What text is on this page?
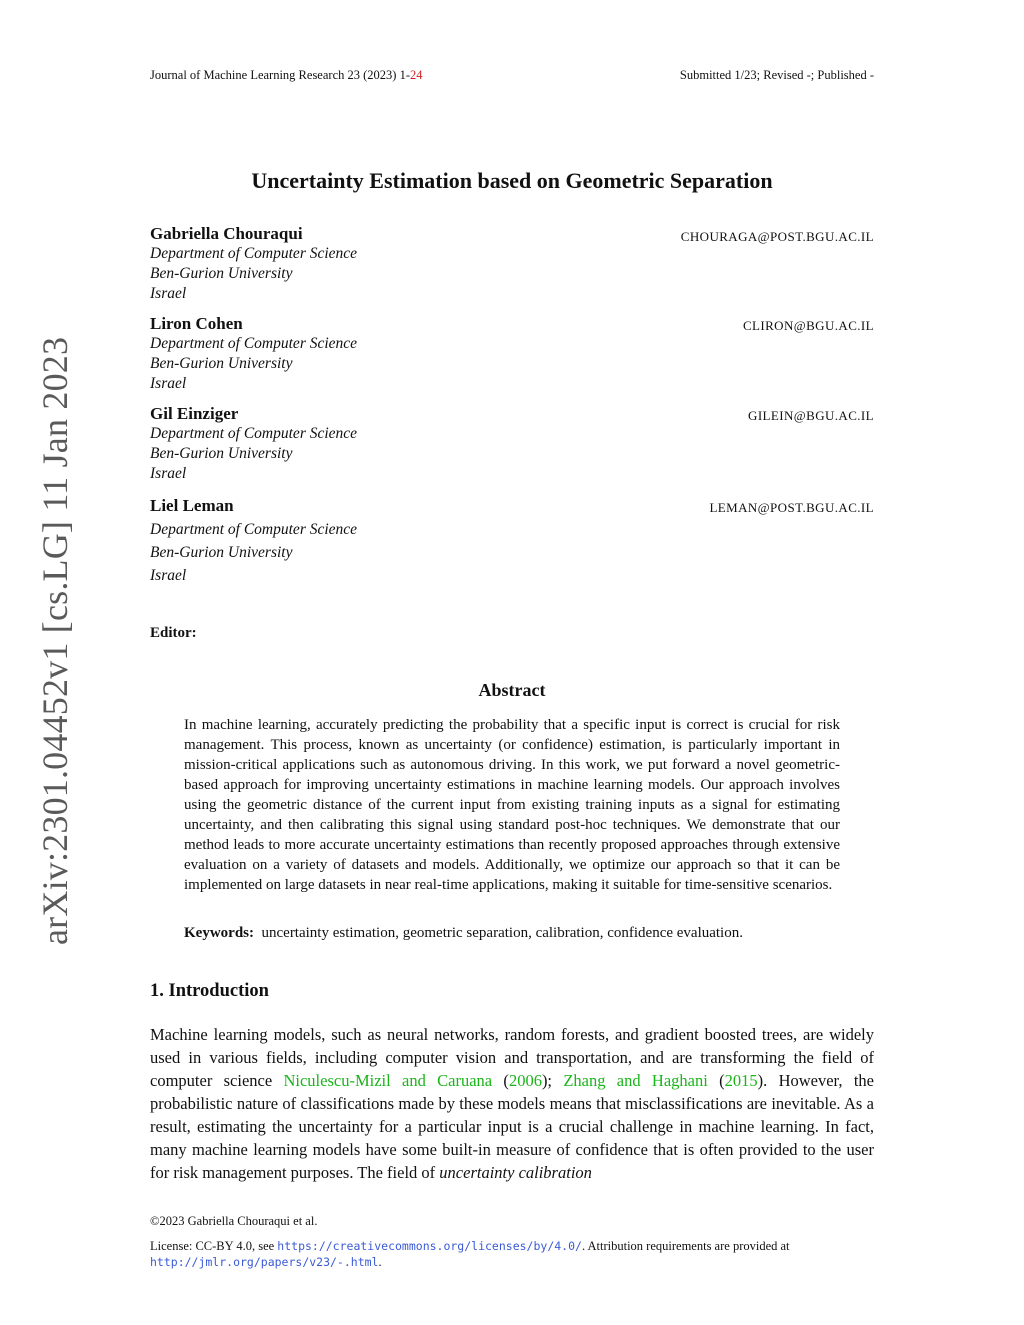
Journal of Machine Learning Research 23 (2023) 1-24	Submitted 1/23; Revised -; Published -
arXiv:2301.04452v1 [cs.LG] 11 Jan 2023
Uncertainty Estimation based on Geometric Separation
Gabriella Chouraqui
Department of Computer Science
Ben-Gurion University
Israel
CHOURAGA@POST.BGU.AC.IL
Liron Cohen
Department of Computer Science
Ben-Gurion University
Israel
CLIRON@BGU.AC.IL
Gil Einziger
Department of Computer Science
Ben-Gurion University
Israel
GILEIN@BGU.AC.IL
Liel Leman
Department of Computer Science
Ben-Gurion University
Israel
LEMAN@POST.BGU.AC.IL
Editor:
Abstract
In machine learning, accurately predicting the probability that a specific input is correct is crucial for risk management. This process, known as uncertainty (or confidence) estimation, is particularly important in mission-critical applications such as autonomous driving. In this work, we put forward a novel geometric-based approach for improving uncertainty estimations in machine learning models. Our approach involves using the geometric distance of the current input from existing training inputs as a signal for estimating uncertainty, and then calibrating this signal using standard post-hoc techniques. We demonstrate that our method leads to more accurate uncertainty estimations than recently proposed approaches through extensive evaluation on a variety of datasets and models. Additionally, we optimize our approach so that it can be implemented on large datasets in near real-time applications, making it suitable for time-sensitive scenarios.
Keywords: uncertainty estimation, geometric separation, calibration, confidence evaluation.
1. Introduction
Machine learning models, such as neural networks, random forests, and gradient boosted trees, are widely used in various fields, including computer vision and transportation, and are transforming the field of computer science Niculescu-Mizil and Caruana (2006); Zhang and Haghani (2015). However, the probabilistic nature of classifications made by these models means that misclassifications are inevitable. As a result, estimating the uncertainty for a particular input is a crucial challenge in machine learning. In fact, many machine learning models have some built-in measure of confidence that is often provided to the user for risk management purposes. The field of uncertainty calibration
©2023 Gabriella Chouraqui et al.
License: CC-BY 4.0, see https://creativecommons.org/licenses/by/4.0/. Attribution requirements are provided at
http://jmlr.org/papers/v23/-.html.
